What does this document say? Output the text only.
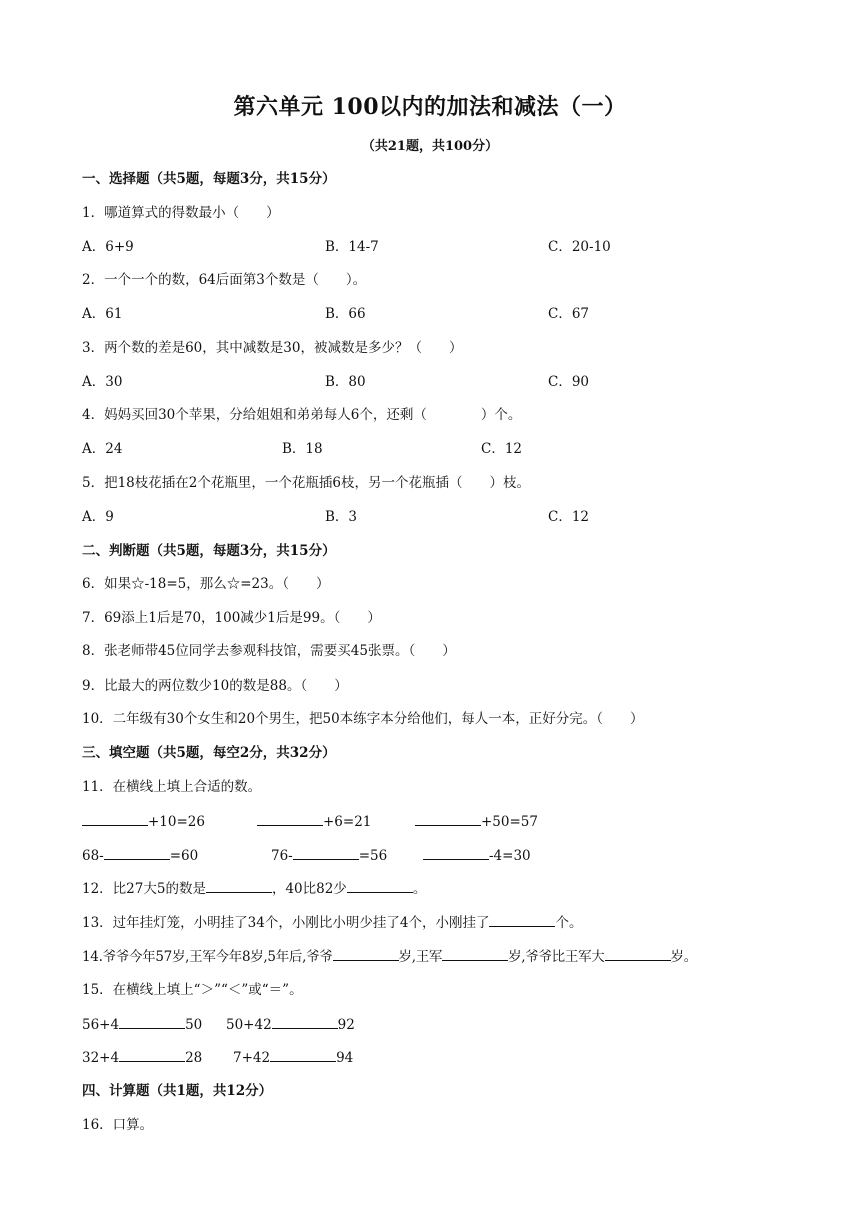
第六单元 100以内的加法和减法（一）
（共21题，共100分）
一、选择题（共5题，每题3分，共15分）
1．哪道算式的得数最小（　　）
A．6+9	B．14-7	C．20-10
2．一个一个的数，64后面第3个数是（　　）。
A．61	B．66	C．67
3．两个数的差是60，其中减数是30，被减数是多少？（　　）
A．30	B．80	C．90
4．妈妈买回30个苹果，分给姐姐和弟弟每人6个，还剩（　　　　）个。
A．24	B．18	C．12
5．把18枝花插在2个花瓶里，一个花瓶插6枝，另一个花瓶插（　　）枝。
A．9	B．3	C．12
二、判断题（共5题，每题3分，共15分）
6．如果☆-18=5，那么☆=23。（　　）
7．69添上1后是70，100减少1后是99。（　　）
8．张老师带45位同学去参观科技馆，需要买45张票。（　　）
9．比最大的两位数少10的数是88。（　　）
10．二年级有30个女生和20个男生，把50本练字本分给他们，每人一本，正好分完。（　　）
三、填空题（共5题，每空2分，共32分）
11．在横线上填上合适的数。
+10=26	+6=21	+50=57
68-	=60	76-	=56	-4=30
12．比27大5的数是	，40比82少	。
13．过年挂灯笼，小明挂了34个，小刚比小明少挂了4个，小刚挂了	个。
14.爷爷今年57岁,王军今年8岁,5年后,爷爷	岁,王军	岁,爷爷比王军大	岁。
15．在横线上填上“＞”“＜”或“＝”。
56+4	50 50+42	92
32+4	28 7+42	94
四、计算题（共1题，共12分）
16．口算。
